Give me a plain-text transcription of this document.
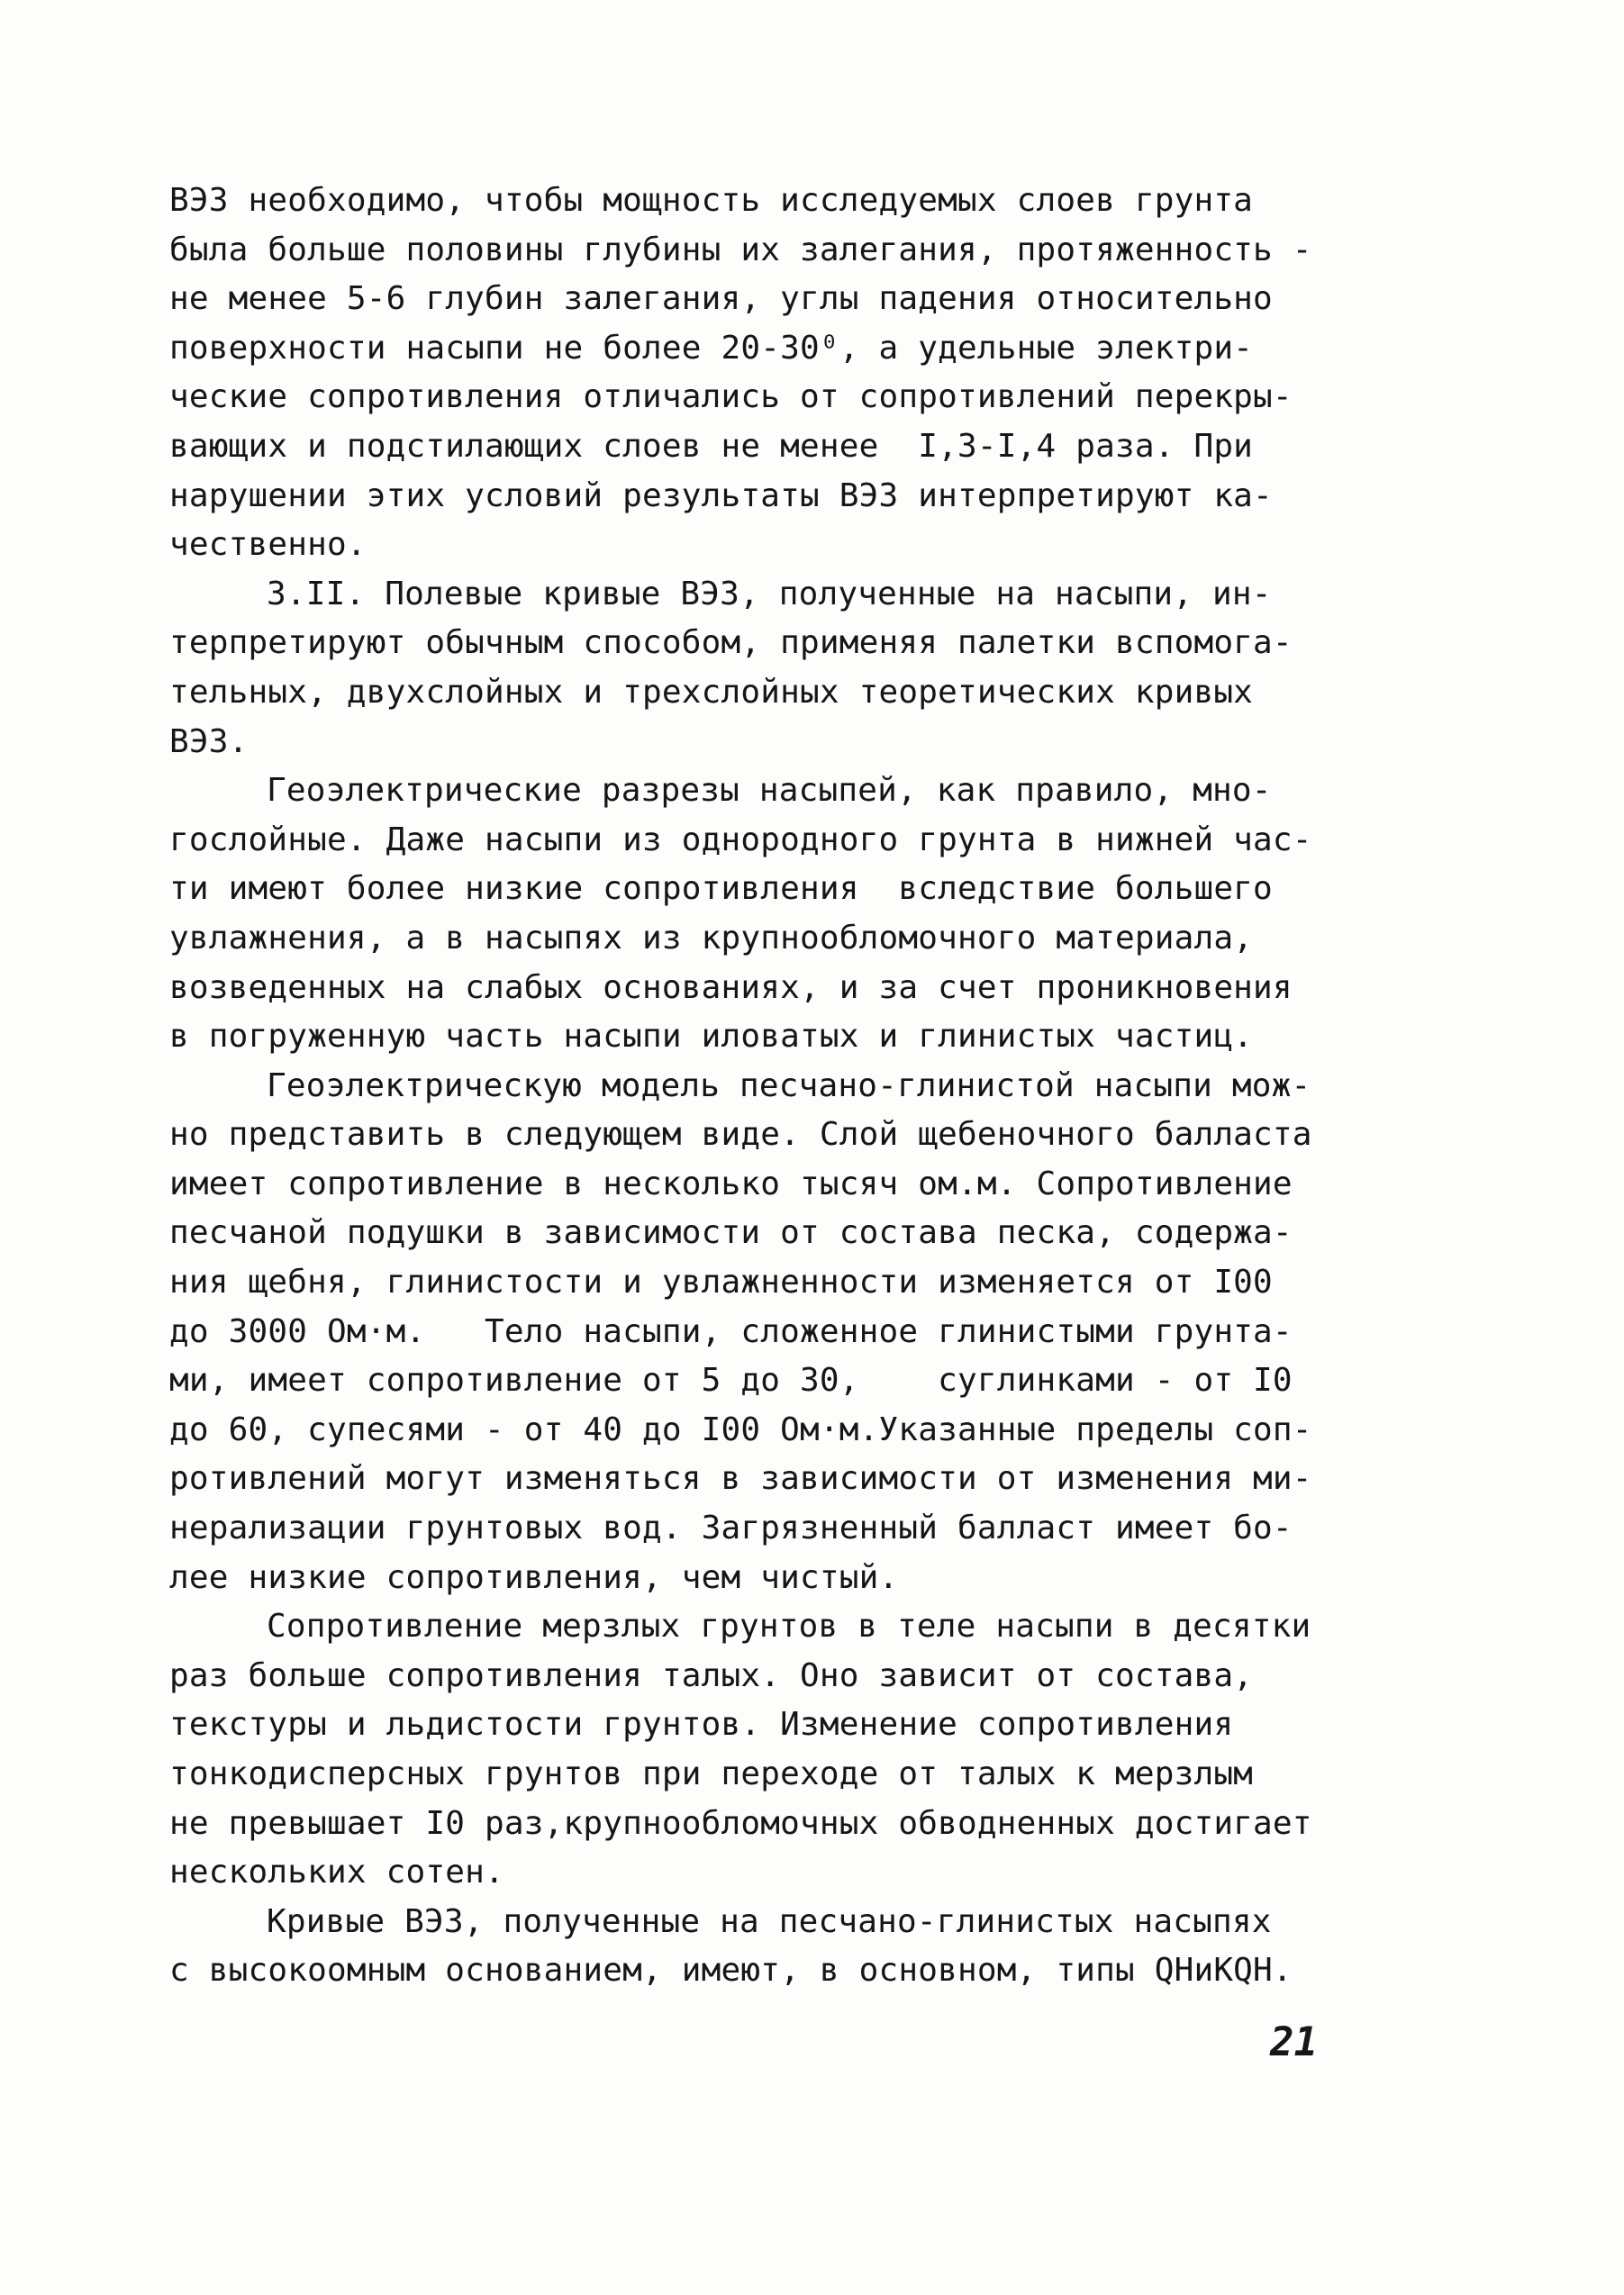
ВЭЗ необходимо, чтобы мощность исследуемых слоев грунта
была больше половины глубины их залегания, протяженность -
не менее 5-6 глубин залегания, углы падения относительно
поверхности насыпи не более 20-30⁰, а удельные электри-
ческие сопротивления отличались от сопротивлений перекры-
вающих и подстилающих слоев не менее  I,3-I,4 раза. При
нарушении этих условий результаты ВЭЗ интерпретируют ка-
чественно.
3.II. Полевые кривые ВЭЗ, полученные на насыпи, ин-
терпретируют обычным способом, применяя палетки вспомога-
тельных, двухслойных и трехслойных теоретических кривых
ВЭЗ.
Геоэлектрические разрезы насыпей, как правило, мно-
гослойные. Даже насыпи из однородного грунта в нижней час-
ти имеют более низкие сопротивления  вследствие большего
увлажнения, а в насыпях из крупнообломочного материала,
возведенных на слабых основаниях, и за счет проникновения
в погруженную часть насыпи иловатых и глинистых частиц.
Геоэлектрическую модель песчано-глинистой насыпи мож-
но представить в следующем виде. Слой щебеночного балласта
имеет сопротивление в несколько тысяч ом.м. Сопротивление
песчаной подушки в зависимости от состава песка, содержа-
ния щебня, глинистости и увлажненности изменяется от I00
до 3000 Ом·м.   Тело насыпи, сложенное глинистыми грунта-
ми, имеет сопротивление от 5 до 30,    суглинками - от I0
до 60, супесями - от 40 до I00 Ом·м.Указанные пределы соп-
ротивлений могут изменяться в зависимости от изменения ми-
нерализации грунтовых вод. Загрязненный балласт имеет бо-
лее низкие сопротивления, чем чистый.
Сопротивление мерзлых грунтов в теле насыпи в десятки
раз больше сопротивления талых. Оно зависит от состава,
текстуры и льдистости грунтов. Изменение сопротивления
тонкодисперсных грунтов при переходе от талых к мерзлым
не превышает I0 раз,крупнообломочных обводненных достигает
нескольких сотен.
Кривые ВЭЗ, полученные на песчано-глинистых насыпях
с высокоомным основанием, имеют, в основном, типы QHиKQH.
21
